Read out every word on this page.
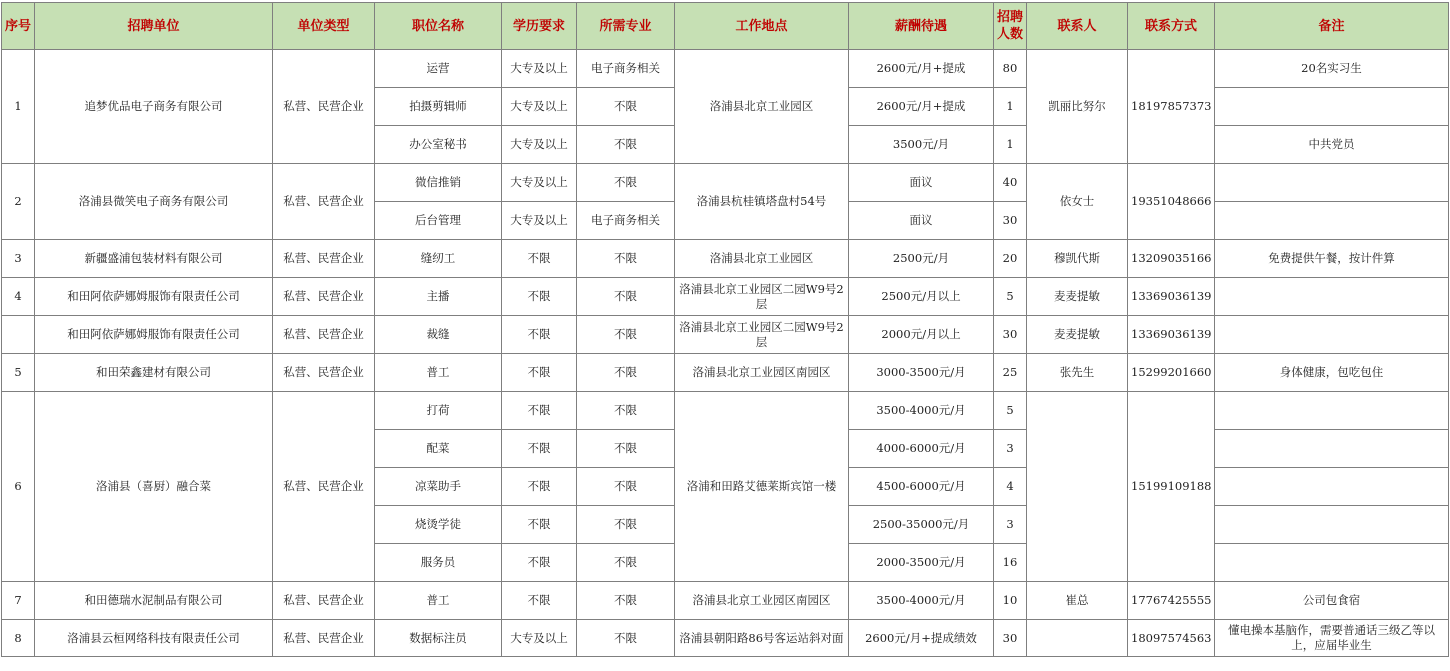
序号	招聘单位	单位类型	职位名称	学历要求	所需专业	工作地点	薪酬待遇	招聘人数	联系人	联系方式	备注
1	追梦优品电子商务有限公司	私营、民营企业	运营	大专及以上	电子商务相关	洛浦县北京工业园区	2600元/月+提成	80	凯丽比努尔	18197857373	20名实习生
			拍摄剪辑师	大专及以上	不限		2600元/月+提成	1			
			办公室秘书	大专及以上	不限		3500元/月	1			中共党员
2	洛浦县微笑电子商务有限公司	私营、民营企业	微信推销	大专及以上	不限	洛浦县杭桂镇塔盘村54号	面议	40	依女士	19351048666	
			后台管理	大专及以上	电子商务相关		面议	30			
3	新疆盛浦包装材料有限公司	私营、民营企业	缝纫工	不限	不限	洛浦县北京工业园区	2500元/月	20	穆凯代斯	13209035166	免费提供午餐，按计件算
4	和田阿依萨娜姆服饰有限责任公司	私营、民营企业	主播	不限	不限	洛浦县北京工业园区二园W9号2层	2500元/月以上	5	麦麦提敏	13369036139	
	和田阿依萨娜姆服饰有限责任公司	私营、民营企业	裁缝	不限	不限	洛浦县北京工业园区二园W9号2层	2000元/月以上	30	麦麦提敏	13369036139	
5	和田荣鑫建材有限公司	私营、民营企业	普工	不限	不限	洛浦县北京工业园区南园区	3000-3500元/月	25	张先生	15299201660	身体健康，包吃包住
6	洛浦县（喜厨）融合菜	私营、民营企业	打荷	不限	不限	洛浦和田路艾德莱斯宾馆一楼	3500-4000元/月	5		15199109188	
			配菜	不限	不限		4000-6000元/月	3			
			凉菜助手	不限	不限		4500-6000元/月	4			
			烧烫学徒	不限	不限		2500-35000元/月	3			
			服务员	不限	不限		2000-3500元/月	16			
7	和田德瑞水泥制品有限公司	私营、民营企业	普工	不限	不限	洛浦县北京工业园区南园区	3500-4000元/月	10	崔总	17767425555	公司包食宿
8	洛浦县云桓网络科技有限责任公司	私营、民营企业	数据标注员	大专及以上	不限	洛浦县朝阳路86号客运站斜对面	2600元/月+提成绩效	30		18097574563	懂电操本基脑作，需要普通话三级乙等以上，应届毕业生
